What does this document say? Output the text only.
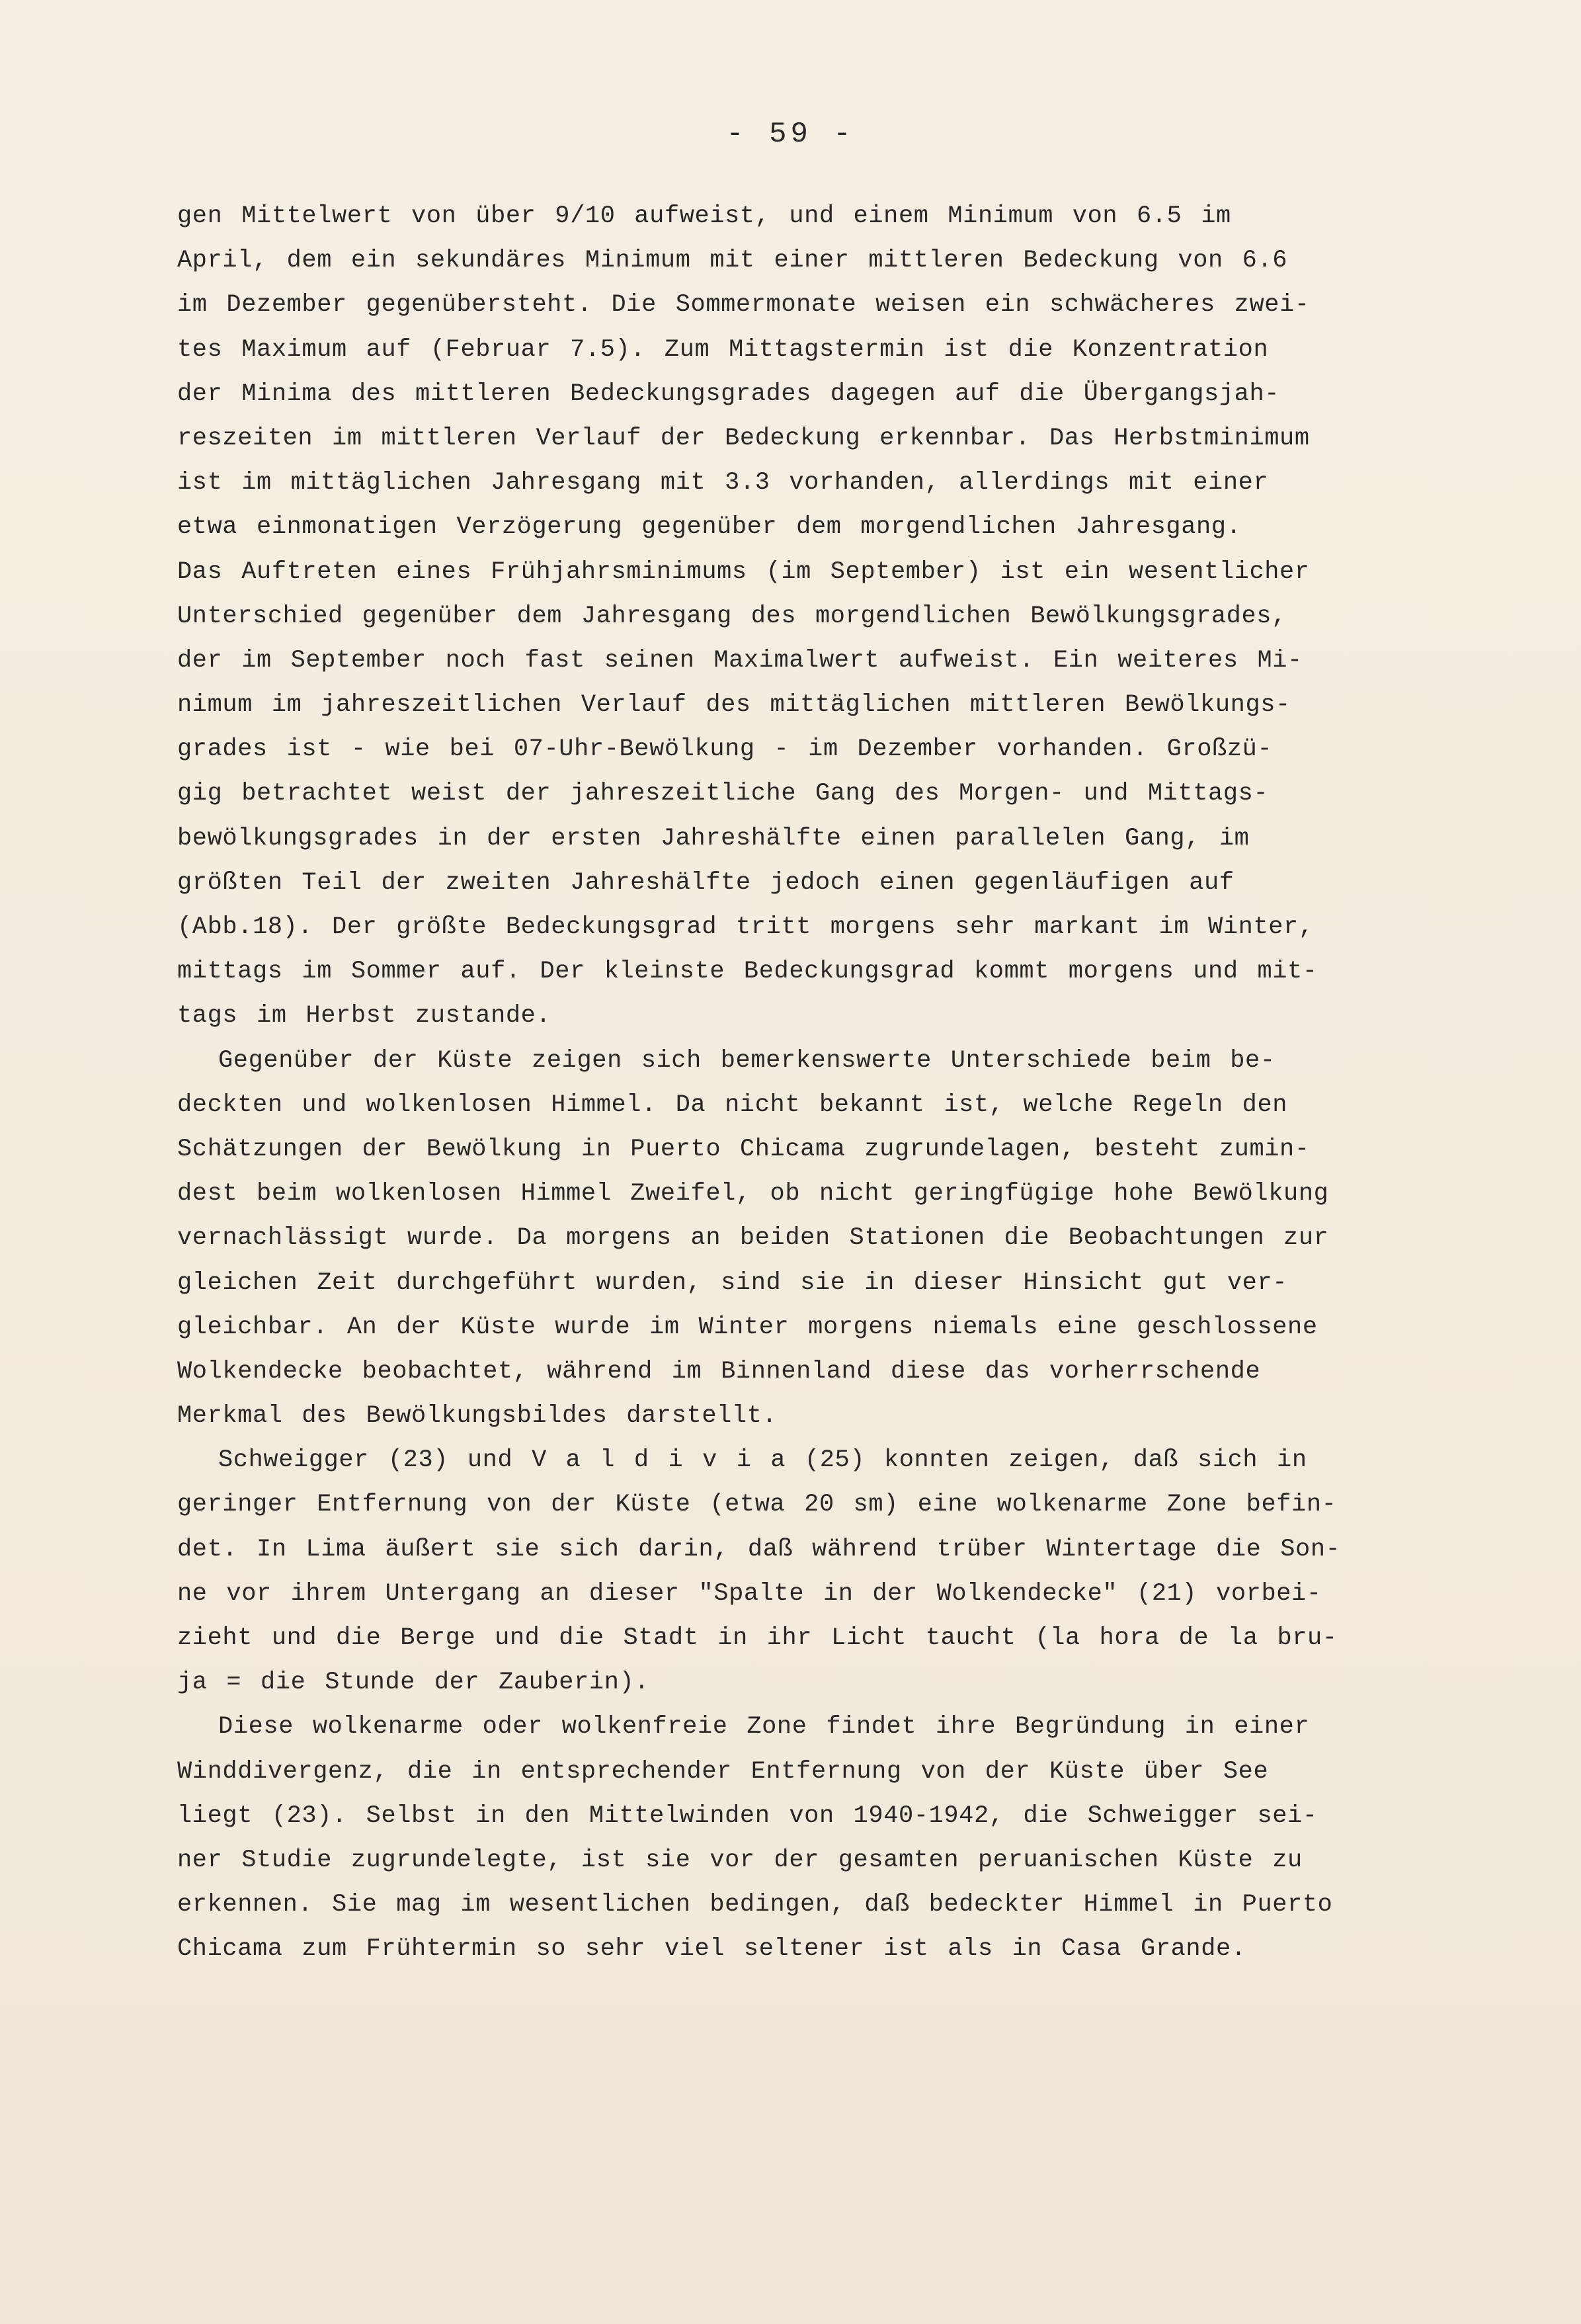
- 59 -
gen Mittelwert von über 9/10 aufweist, und einem Minimum von 6.5 im
April, dem ein sekundäres Minimum mit einer mittleren Bedeckung von 6.6
im Dezember gegenübersteht. Die Sommermonate weisen ein schwächeres zwei-
tes Maximum auf (Februar 7.5). Zum Mittagstermin ist die Konzentration
der Minima des mittleren Bedeckungsgrades dagegen auf die Übergangsjah-
reszeiten im mittleren Verlauf der Bedeckung erkennbar. Das Herbstminimum
ist im mittäglichen Jahresgang mit 3.3 vorhanden, allerdings mit einer
etwa einmonatigen Verzögerung gegenüber dem morgendlichen Jahresgang.
Das Auftreten eines Frühjahrsminimums (im September) ist ein wesentlicher
Unterschied gegenüber dem Jahresgang des morgendlichen Bewölkungsgrades,
der im September noch fast seinen Maximalwert aufweist. Ein weiteres Mi-
nimum im jahreszeitlichen Verlauf des mittäglichen mittleren Bewölkungs-
grades ist - wie bei 07-Uhr-Bewölkung - im Dezember vorhanden. Großzü-
gig betrachtet weist der jahreszeitliche Gang des Morgen- und Mittags-
bewölkungsgrades in der ersten Jahreshälfte einen parallelen Gang, im
größten Teil der zweiten Jahreshälfte jedoch einen gegenläufigen auf
(Abb.18). Der größte Bedeckungsgrad tritt morgens sehr markant im Winter,
mittags im Sommer auf. Der kleinste Bedeckungsgrad kommt morgens und mit-
tags im Herbst zustande.
Gegenüber der Küste zeigen sich bemerkenswerte Unterschiede beim be-
deckten und wolkenlosen Himmel. Da nicht bekannt ist, welche Regeln den
Schätzungen der Bewölkung in Puerto Chicama zugrundelagen, besteht zumin-
dest beim wolkenlosen Himmel Zweifel, ob nicht geringfügige hohe Bewölkung
vernachlässigt wurde. Da morgens an beiden Stationen die Beobachtungen zur
gleichen Zeit durchgeführt wurden, sind sie in dieser Hinsicht gut ver-
gleichbar. An der Küste wurde im Winter morgens niemals eine geschlossene
Wolkendecke beobachtet, während im Binnenland diese das vorherrschende
Merkmal des Bewölkungsbildes darstellt.
Schweigger (23) und V a l d i v i a (25) konnten zeigen, daß sich in
geringer Entfernung von der Küste (etwa 20 sm) eine wolkenarme Zone befin-
det. In Lima äußert sie sich darin, daß während trüber Wintertage die Son-
ne vor ihrem Untergang an dieser "Spalte in der Wolkendecke" (21) vorbei-
zieht und die Berge und die Stadt in ihr Licht taucht (la hora de la bru-
ja = die Stunde der Zauberin).
Diese wolkenarme oder wolkenfreie Zone findet ihre Begründung in einer
Winddivergenz, die in entsprechender Entfernung von der Küste über See
liegt (23). Selbst in den Mittelwinden von 1940-1942, die Schweigger sei-
ner Studie zugrundelegte, ist sie vor der gesamten peruanischen Küste zu
erkennen. Sie mag im wesentlichen bedingen, daß bedeckter Himmel in Puerto
Chicama zum Frühtermin so sehr viel seltener ist als in Casa Grande.
